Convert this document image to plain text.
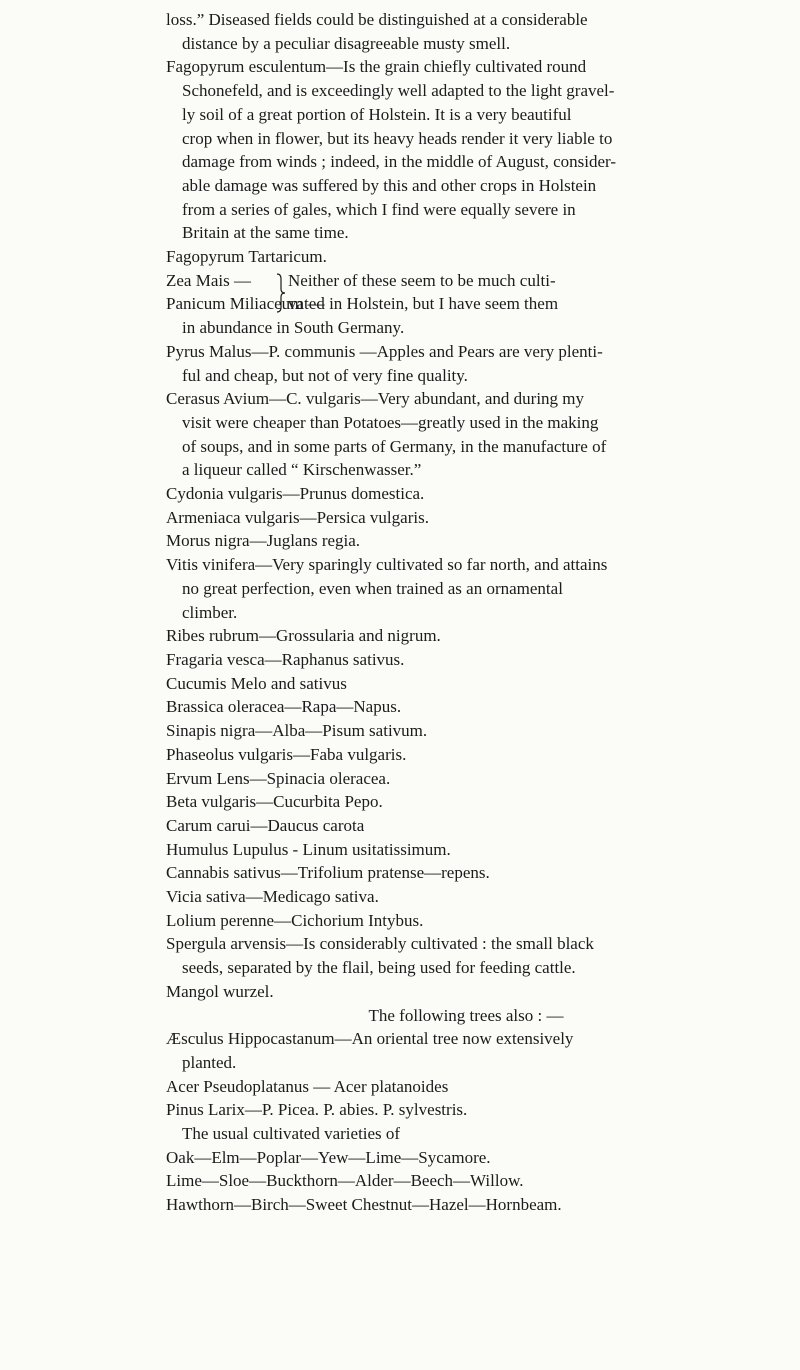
loss.” Diseased fields could be distinguished at a considerable
distance by a peculiar disagreeable musty smell.
Fagopyrum esculentum—Is the grain chiefly cultivated round
Schonefeld, and is exceedingly well adapted to the light gravel-
ly soil of a great portion of Holstein. It is a very beautiful
crop when in flower, but its heavy heads render it very liable to
damage from winds ; indeed, in the middle of August, consider-
able damage was suffered by this and other crops in Holstein
from a series of gales, which I find were equally severe in
Britain at the same time.
Fagopyrum Tartaricum.
Zea Mais —
Panicum Miliaceum —
Neither of these seem to be much culti-
vated in Holstein, but I have seem them
in abundance in South Germany.
Pyrus Malus—P. communis —Apples and Pears are very plenti-
ful and cheap, but not of very fine quality.
Cerasus Avium—C. vulgaris—Very abundant, and during my
visit were cheaper than Potatoes—greatly used in the making
of soups, and in some parts of Germany, in the manufacture of
a liqueur called “ Kirschenwasser.”
Cydonia vulgaris—Prunus domestica.
Armeniaca vulgaris—Persica vulgaris.
Morus nigra—Juglans regia.
Vitis vinifera—Very sparingly cultivated so far north, and attains
no great perfection, even when trained as an ornamental
climber.
Ribes rubrum—Grossularia and nigrum.
Fragaria vesca—Raphanus sativus.
Cucumis Melo and sativus
Brassica oleracea—Rapa—Napus.
Sinapis nigra—Alba—Pisum sativum.
Phaseolus vulgaris—Faba vulgaris.
Ervum Lens—Spinacia oleracea.
Beta vulgaris—Cucurbita Pepo.
Carum carui—Daucus carota
Humulus Lupulus - Linum usitatissimum.
Cannabis sativus—Trifolium pratense—repens.
Vicia sativa—Medicago sativa.
Lolium perenne—Cichorium Intybus.
Spergula arvensis—Is considerably cultivated : the small black
seeds, separated by the flail, being used for feeding cattle.
Mangol wurzel.
The following trees also : —
Æsculus Hippocastanum—An oriental tree now extensively
planted.
Acer Pseudoplatanus — Acer platanoides
Pinus Larix—P. Picea. P. abies. P. sylvestris.
The usual cultivated varieties of
Oak—Elm—Poplar—Yew—Lime—Sycamore.
Lime—Sloe—Buckthorn—Alder—Beech—Willow.
Hawthorn—Birch—Sweet Chestnut—Hazel—Hornbeam.
